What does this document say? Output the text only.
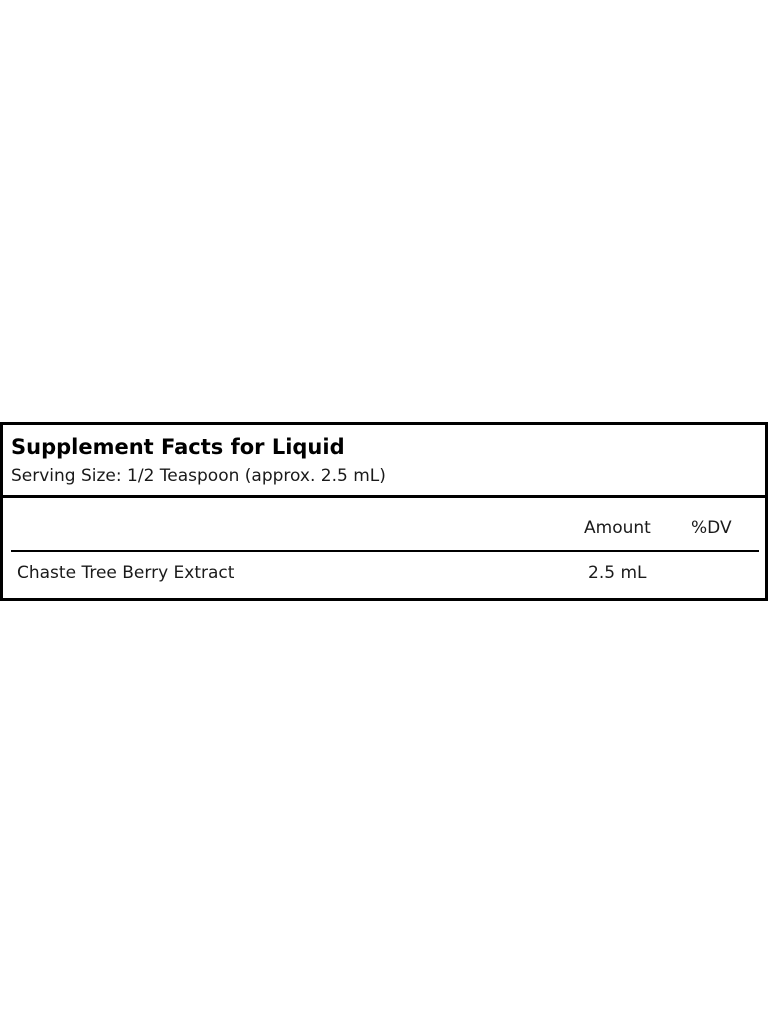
Supplement Facts for Liquid
Serving Size: 1/2 Teaspoon (approx. 2.5 mL)
Amount %DV
Chaste Tree Berry Extract	2.5 mL
